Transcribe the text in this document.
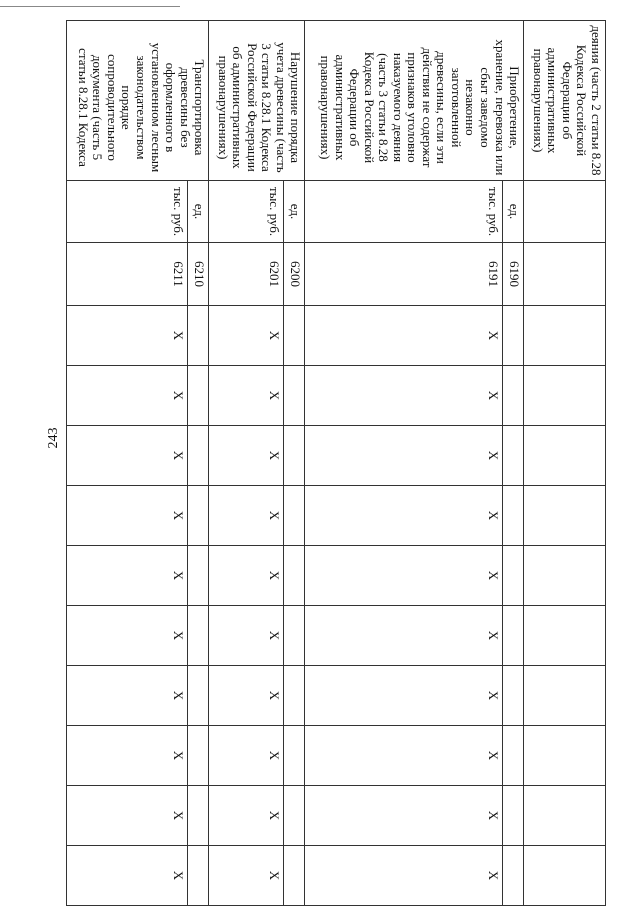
243
деяния (часть 2 статьи 8.28 Кодекса Российской Федерации об административных правонарушениях)												

Приобретение, хранение, перевозка или сбыт заведомо незаконно заготовленной древесины, если эти действия не содержат признаков уголовно наказуемого деяния (часть 3 статьи 8.28 Кодекса Российской Федерации об административных правонарушениях)	ед.	6190										
	тыс. руб.	6191	X	X	X	X	X	X	X	X	X	X

Нарушение порядка учета древесины (часть 3 статьи 8.28.1 Кодекса Российской Федерации об административных правонарушениях)	ед.	6200										
	тыс. руб.	6201	X	X	X	X	X	X	X	X	X	X

Транспортировка древесины без оформленного в установленном лесным законодательством порядке сопроводительного документа (часть 5 статьи 8.28.1 Кодекса	ед.	6210										
	тыс. руб.	6211	X	X	X	X	X	X	X	X	X	X
